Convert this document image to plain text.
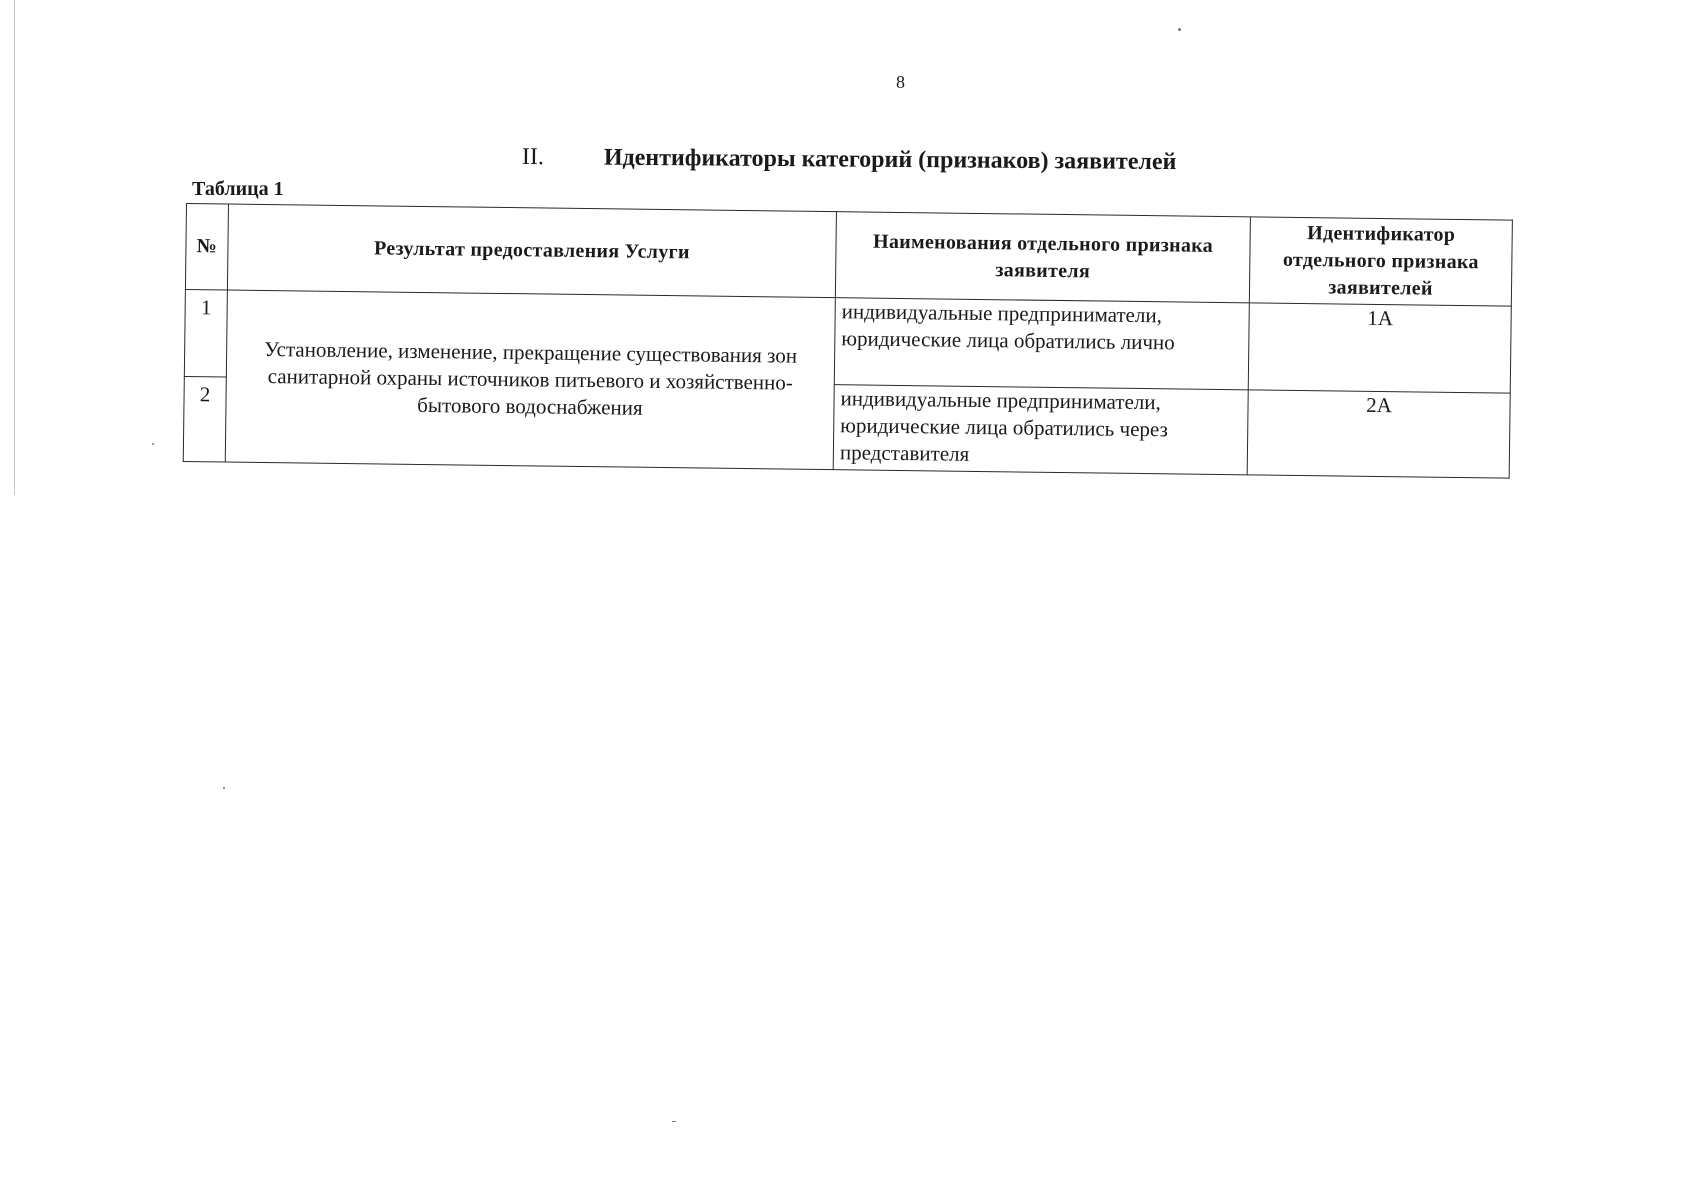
8
II. Идентификаторы категорий (признаков) заявителей
Таблица 1
№	Результат предоставления Услуги	Наименования отдельного признака заявителя	Идентификатор отдельного признака заявителей
1	Установление, изменение, прекращение существования зон санитарной охраны источников питьевого и хозяйственно-бытового водоснабжения	индивидуальные предприниматели, юридические лица обратились лично	1А
2		индивидуальные предприниматели, юридические лица обратились через представителя	2А
